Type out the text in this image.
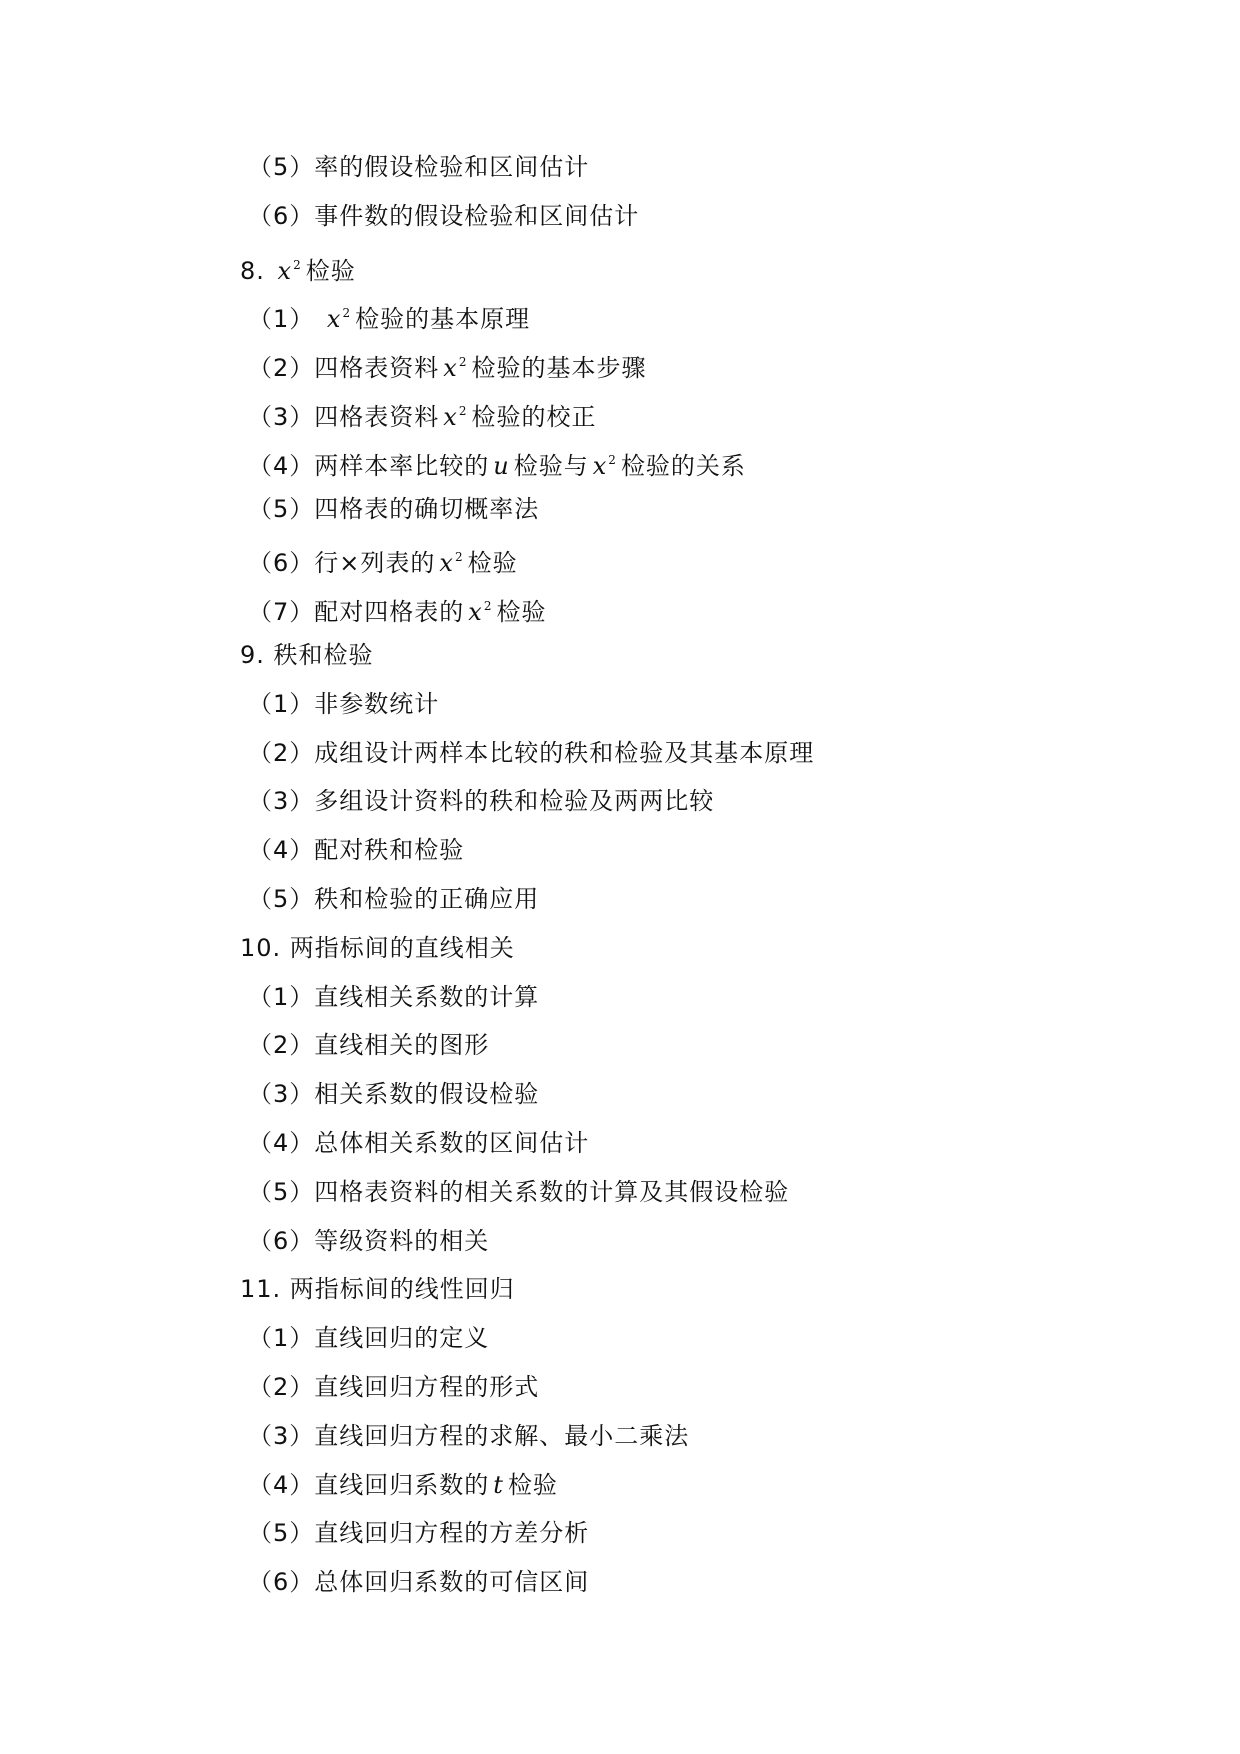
（5）率的假设检验和区间估计
（6）事件数的假设检验和区间估计
8. $x^2$ 检验
（1） $x^2$ 检验的基本原理
（2）四格表资料 $x^2$ 检验的基本步骤
（3）四格表资料 $x^2$ 检验的校正
（4）两样本率比较的 u 检验与 $x^2$ 检验的关系
（5）四格表的确切概率法
（6）行×列表的 $x^2$ 检验
（7）配对四格表的 $x^2$ 检验
9. 秩和检验
（1）非参数统计
（2）成组设计两样本比较的秩和检验及其基本原理
（3）多组设计资料的秩和检验及两两比较
（4）配对秩和检验
（5）秩和检验的正确应用
10. 两指标间的直线相关
（1）直线相关系数的计算
（2）直线相关的图形
（3）相关系数的假设检验
（4）总体相关系数的区间估计
（5）四格表资料的相关系数的计算及其假设检验
（6）等级资料的相关
11. 两指标间的线性回归
（1）直线回归的定义
（2）直线回归方程的形式
（3）直线回归方程的求解、最小二乘法
（4）直线回归系数的 t 检验
（5）直线回归方程的方差分析
（6）总体回归系数的可信区间
